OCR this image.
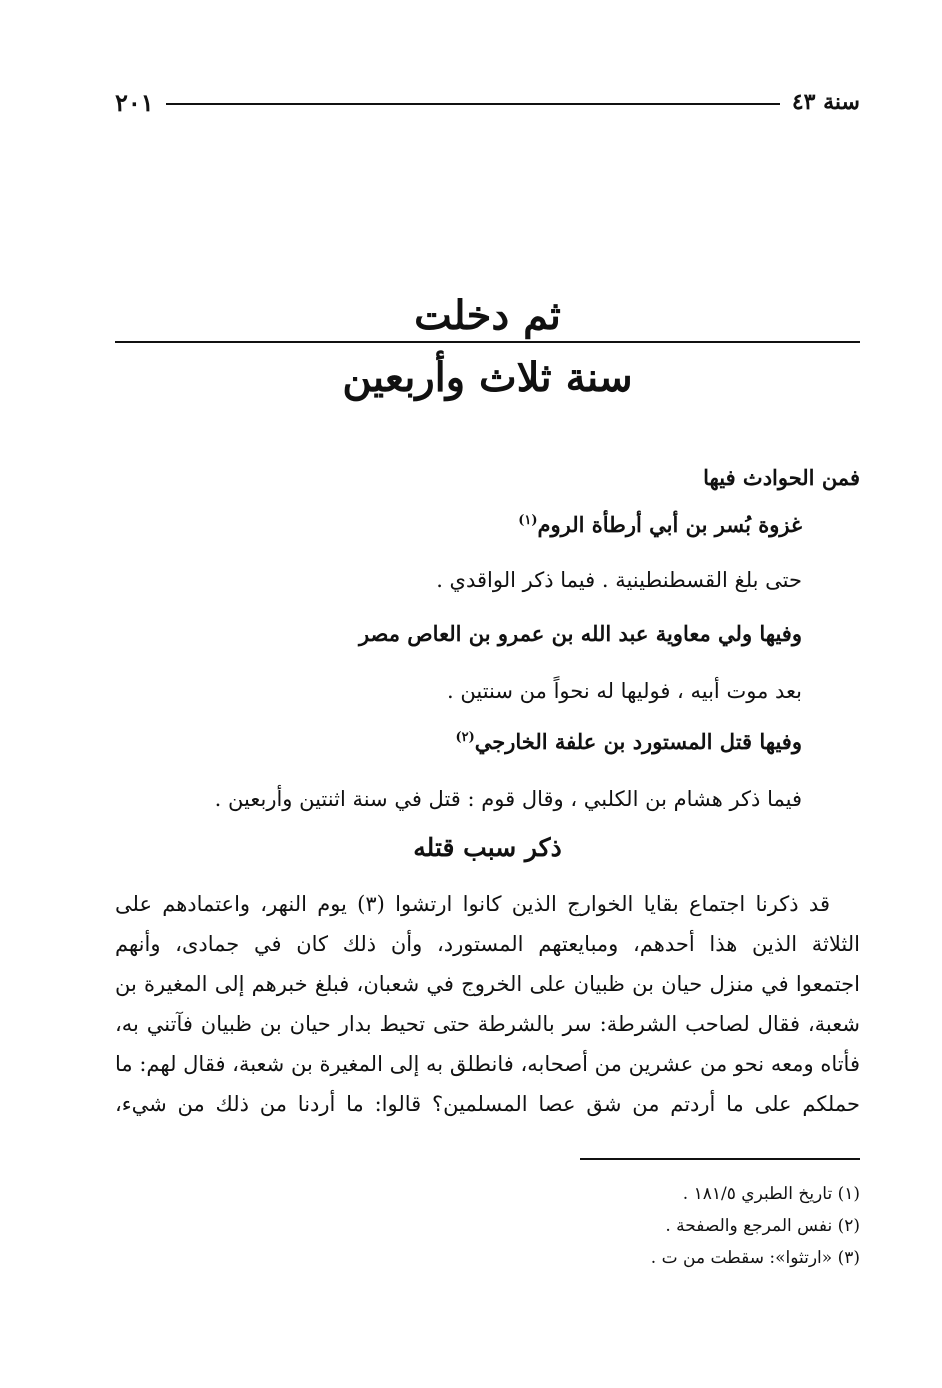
سنة ٤٣
٢٠١
ثم دخلت
سنة ثلاث وأربعين
فمن الحوادث فيها
غزوة بُسر بن أبي أرطأة الروم$^{(١)}$
حتى بلغ القسطنطينية . فيما ذكر الواقدي .
وفيها ولي معاوية عبد الله بن عمرو بن العاص مصر
بعد موت أبيه ، فوليها له نحواً من سنتين .
وفيها قتل المستورد بن علفة الخارجي$^{(٢)}$
فيما ذكر هشام بن الكلبي ، وقال قوم : قتل في سنة اثنتين وأربعين .
ذكر سبب قتله
قد ذكرنا اجتماع بقايا الخوارج الذين كانوا ارتشوا (٣) يوم النهر، واعتمادهم على
الثلاثة الذين هذا أحدهم، ومبايعتهم المستورد، وأن ذلك كان في جمادى، وأنهم
اجتمعوا في منزل حيان بن ظبيان على الخروج في شعبان، فبلغ خبرهم إلى المغيرة بن
شعبة، فقال لصاحب الشرطة: سر بالشرطة حتى تحيط بدار حيان بن ظبيان فآتني به،
فأتاه ومعه نحو من عشرين من أصحابه، فانطلق به إلى المغيرة بن شعبة، فقال لهم: ما
حملكم على ما أردتم من شق عصا المسلمين؟ قالوا: ما أردنا من ذلك من شيء،
(١) تاريخ الطبري ١٨١/٥ .
(٢) نفس المرجع والصفحة .
(٣) «ارتثوا»: سقطت من ت .
